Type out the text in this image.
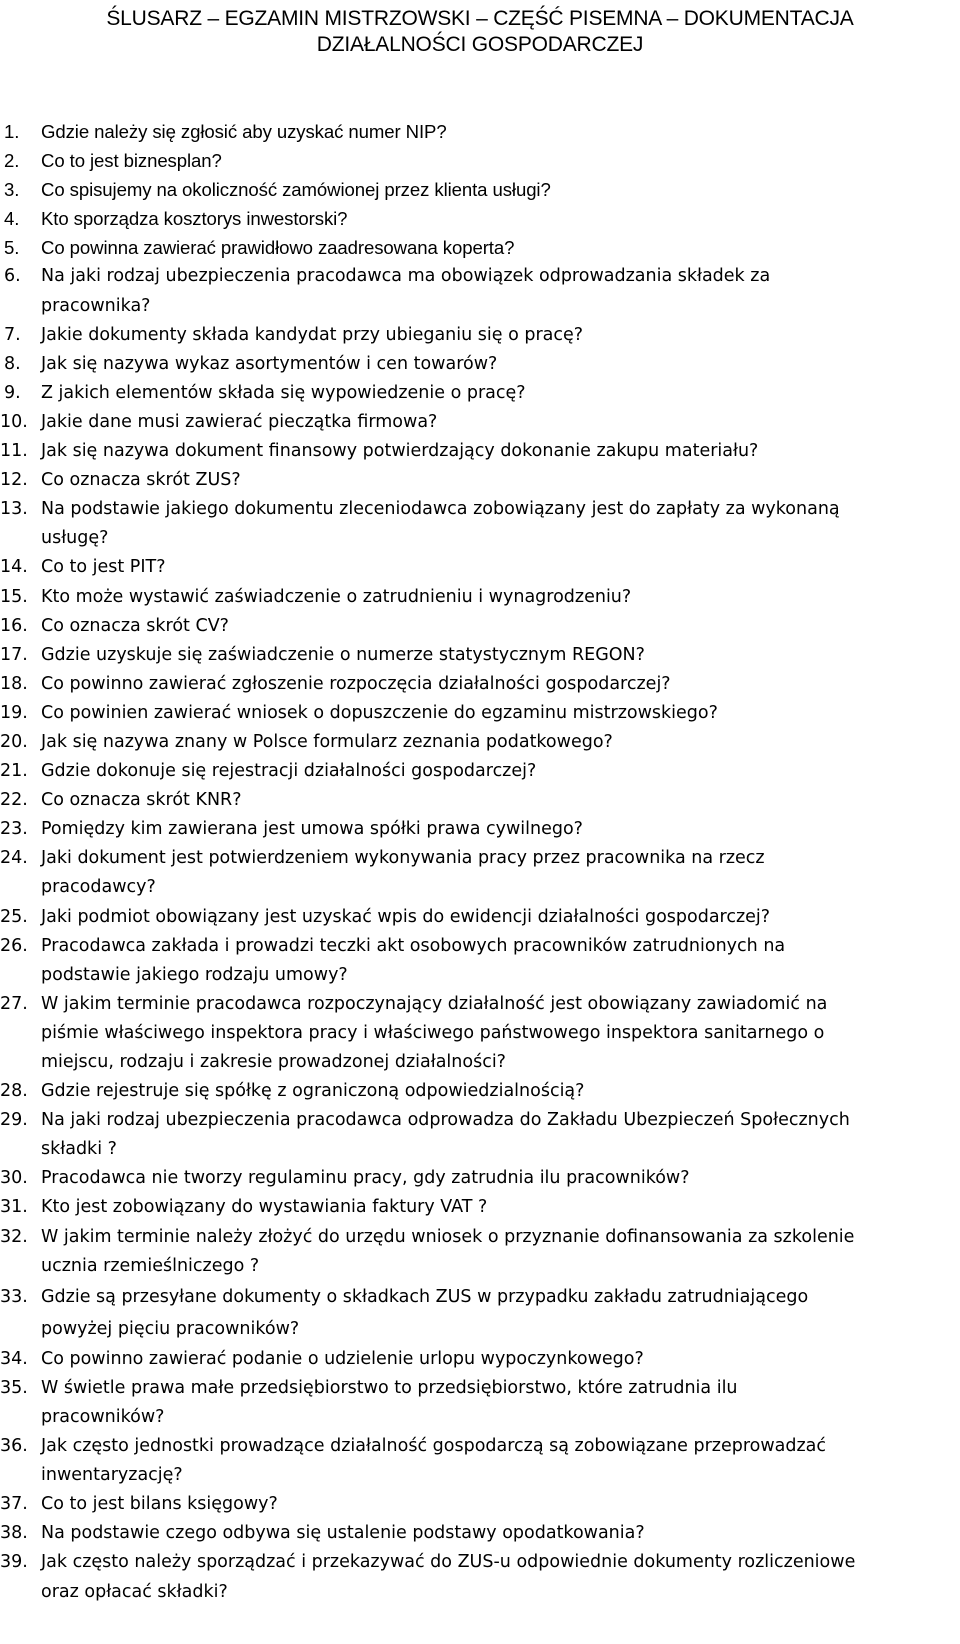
ŚLUSARZ – EGZAMIN MISTRZOWSKI – CZĘŚĆ PISEMNA – DOKUMENTACJA
DZIAŁALNOŚCI GOSPODARCZEJ
1.	Gdzie należy się zgłosić aby uzyskać numer NIP?
2.	Co to jest biznesplan?
3.	Co spisujemy na okoliczność zamówionej przez klienta usługi?
4.	Kto sporządza kosztorys inwestorski?
5.	Co powinna zawierać prawidłowo zaadresowana koperta?
6.	Na jaki rodzaj ubezpieczenia pracodawca ma obowiązek odprowadzania składek za
pracownika?
7.	Jakie dokumenty składa kandydat przy ubieganiu się o pracę?
8.	Jak się nazywa wykaz asortymentów i cen towarów?
9.	Z jakich elementów składa się wypowiedzenie o pracę?
10. Jakie dane musi zawierać pieczątka firmowa?
11. Jak się nazywa dokument finansowy potwierdzający dokonanie zakupu materiału?
12. Co oznacza skrót ZUS?
13. Na podstawie jakiego dokumentu zleceniodawca zobowiązany jest do zapłaty za wykonaną
usługę?
14. Co to jest PIT?
15. Kto może wystawić zaświadczenie o zatrudnieniu i wynagrodzeniu?
16. Co oznacza skrót CV?
17. Gdzie uzyskuje się zaświadczenie o numerze statystycznym REGON?
18. Co powinno zawierać zgłoszenie rozpoczęcia działalności gospodarczej?
19. Co powinien zawierać wniosek o dopuszczenie do egzaminu mistrzowskiego?
20. Jak się nazywa znany w Polsce formularz zeznania podatkowego?
21. Gdzie dokonuje się rejestracji działalności gospodarczej?
22. Co oznacza skrót KNR?
23. Pomiędzy kim zawierana jest umowa spółki prawa cywilnego?
24. Jaki dokument jest potwierdzeniem wykonywania pracy przez pracownika na rzecz
pracodawcy?
25. Jaki podmiot obowiązany jest uzyskać wpis do ewidencji działalności gospodarczej?
26. Pracodawca zakłada i prowadzi teczki akt osobowych pracowników zatrudnionych na
podstawie jakiego rodzaju umowy?
27. W jakim terminie pracodawca rozpoczynający działalność jest obowiązany zawiadomić na
piśmie właściwego inspektora pracy i właściwego państwowego inspektora sanitarnego o
miejscu, rodzaju i zakresie prowadzonej działalności?
28. Gdzie rejestruje się spółkę z ograniczoną odpowiedzialnością?
29. Na jaki rodzaj ubezpieczenia pracodawca odprowadza do Zakładu Ubezpieczeń Społecznych
składki ?
30. Pracodawca nie tworzy regulaminu pracy, gdy zatrudnia ilu pracowników?
31. Kto jest zobowiązany do wystawiania faktury VAT ?
32. W jakim terminie należy złożyć do urzędu wniosek o przyznanie dofinansowania za szkolenie
ucznia rzemieślniczego ?
33. Gdzie są przesyłane dokumenty o składkach ZUS w przypadku zakładu zatrudniającego
powyżej pięciu pracowników?
34. Co powinno zawierać podanie o udzielenie urlopu wypoczynkowego?
35. W świetle prawa małe przedsiębiorstwo to przedsiębiorstwo, które zatrudnia ilu
pracowników?
36. Jak często jednostki prowadzące działalność gospodarczą są zobowiązane przeprowadzać
inwentaryzację?
37. Co to jest bilans księgowy?
38. Na podstawie czego odbywa się ustalenie podstawy opodatkowania?
39. Jak często należy sporządzać i przekazywać do ZUS-u odpowiednie dokumenty rozliczeniowe
oraz opłacać składki?
